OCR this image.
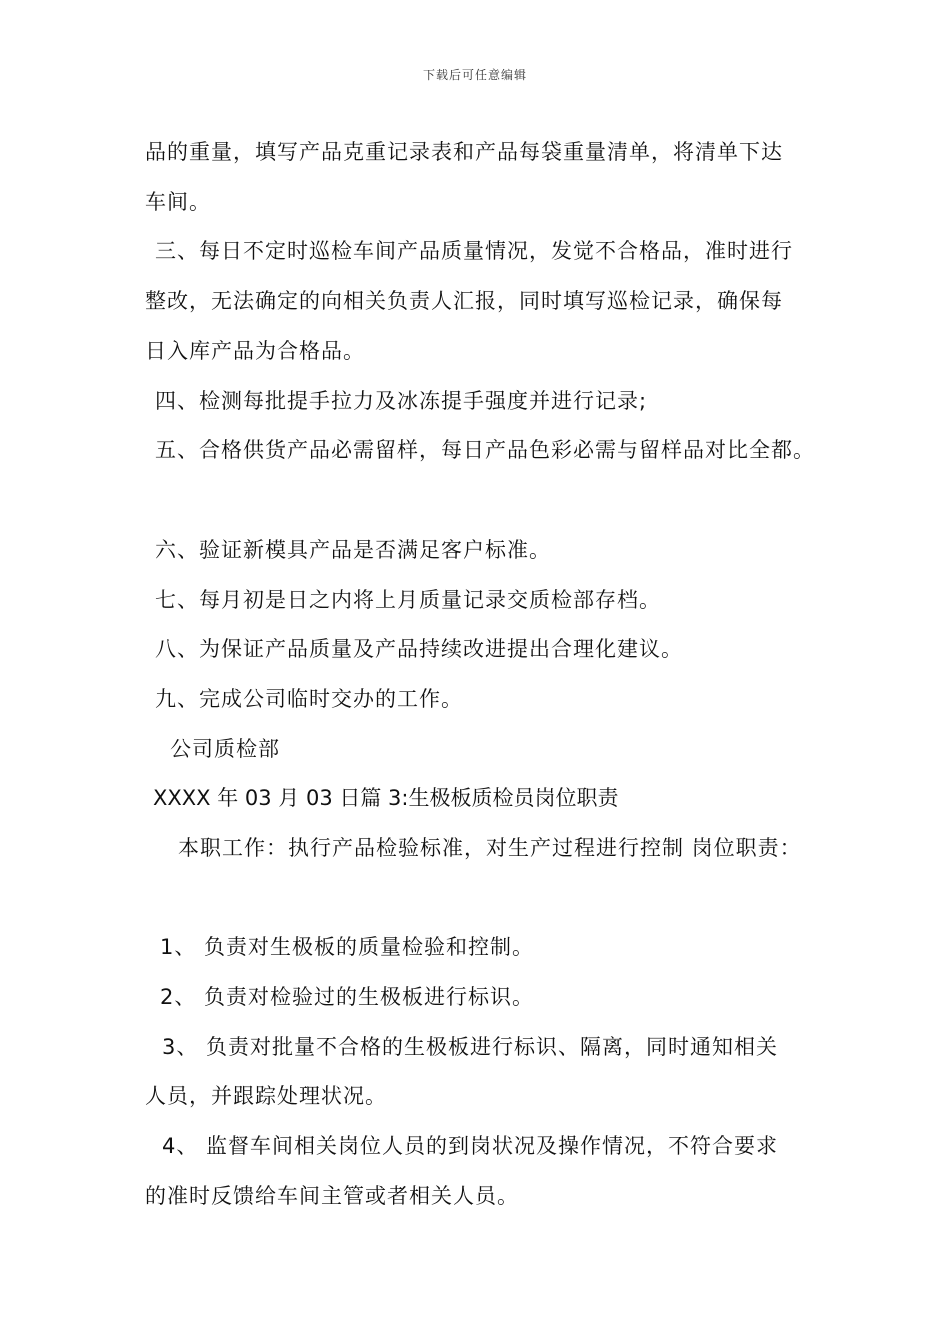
下载后可任意编辑
品的重量，填写产品克重记录表和产品每袋重量清单，将清单下达
车间。
三、每日不定时巡检车间产品质量情况，发觉不合格品，准时进行
整改，无法确定的向相关负责人汇报，同时填写巡检记录，确保每
日入库产品为合格品。
四、检测每批提手拉力及冰冻提手强度并进行记录;
五、合格供货产品必需留样，每日产品色彩必需与留样品对比全都。
六、验证新模具产品是否满足客户标准。
七、每月初是日之内将上月质量记录交质检部存档。
八、为保证产品质量及产品持续改进提出合理化建议。
九、完成公司临时交办的工作。
公司质检部
XXXX 年 03 月 03 日篇 3:生极板质检员岗位职责
本职工作：执行产品检验标准，对生产过程进行控制 岗位职责：
1、 负责对生极板的质量检验和控制。
2、 负责对检验过的生极板进行标识。
3、 负责对批量不合格的生极板进行标识、隔离，同时通知相关
人员，并跟踪处理状况。
4、 监督车间相关岗位人员的到岗状况及操作情况，不符合要求
的准时反馈给车间主管或者相关人员。
